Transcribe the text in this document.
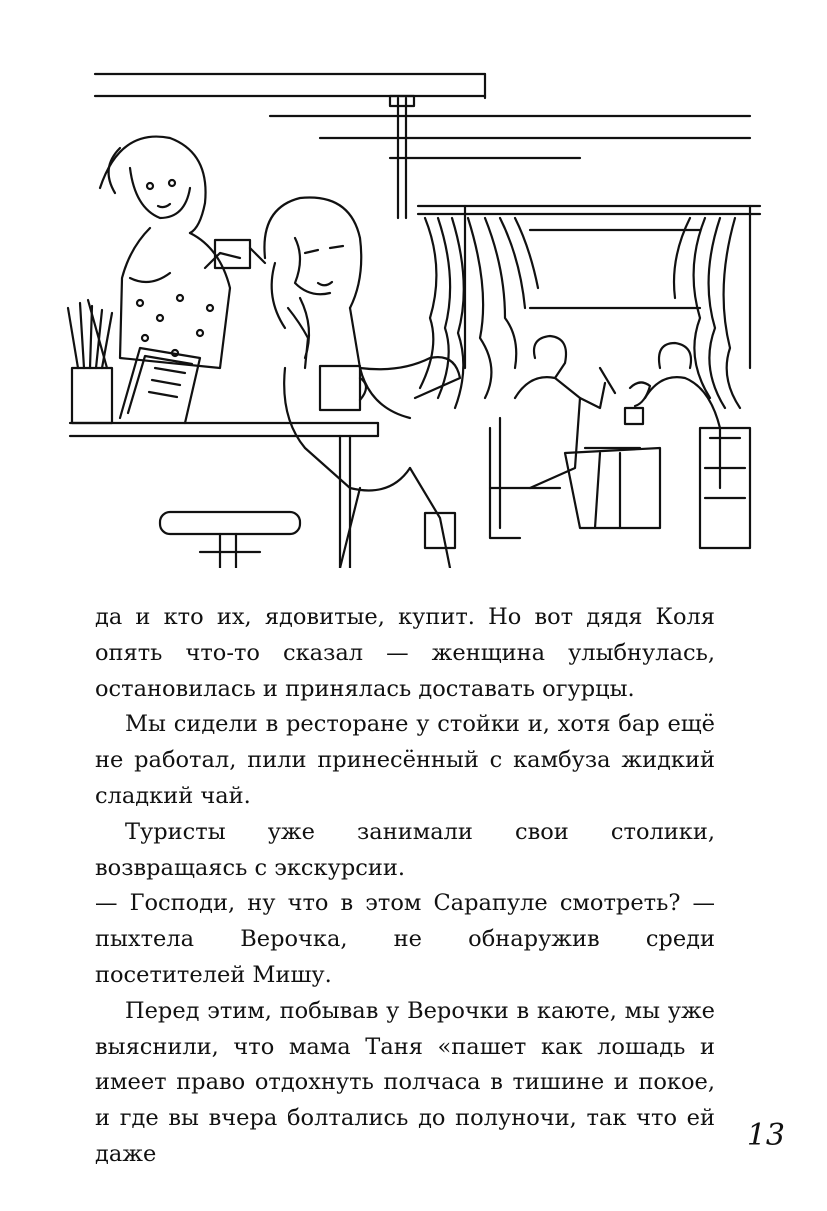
да и кто их, ядовитые, купит. Но вот дядя Коля опять что-то сказал — женщина улыбнулась, остановилась и принялась доставать огурцы.

Мы сидели в ресторане у стойки и, хотя бар ещё не работал, пили принесённый с камбуза жидкий сладкий чай.

Туристы уже занимали свои столики, возвращаясь с экскурсии.

— Господи, ну что в этом Сарапуле смотреть? — пыхтела Верочка, не обнаружив среди посетителей Мишу.

Перед этим, побывав у Верочки в каюте, мы уже выяснили, что мама Таня «пашет как лошадь и имеет право отдохнуть полчаса в тишине и покое, и где вы вчера болтались до полуночи, так что ей даже

13
